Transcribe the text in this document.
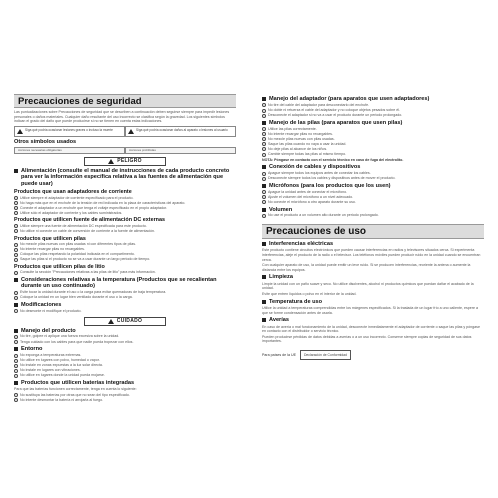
Precauciones de seguridad
Las puntualizaciones sobre Precauciones de seguridad que se describen a continuación deben seguirse siempre para impedir lesiones personales o daños materiales. Cualquier daño resultante del uso incorrecto se clasifica según la gravedad. Los siguientes símbolos indican el grado del daño que puede producirse si no se tienen en cuenta estas indicaciones.
Siga qué podría ocasionar lesiones graves o incluso la muerte	Siga qué podría ocasionar daños al aparato o lesiones al usuario
Otros símbolos usados
Acciones necesarias obligatorias	Acciones prohibidas
PELIGRO
Alimentación (consulte el manual de instrucciones de cada producto concreto para ver la información específica relativa a las fuentes de alimentación que puede usar)
Productos que usan adaptadores de corriente
Utilice siempre el adaptador de corriente especificado para el producto.
No haga más que en el enchufe de la tensión de red indicada en la placa de características del aparato.
Conecte el adaptador a un enchufe que tenga el voltaje especificado en el propio adaptador.
Utilice sólo el adaptador de corriente y los cables suministrados.
Productos que utilicen fuente de alimentación DC externas
Utilice siempre una fuente de alimentación DC especificada para este producto.
No utilice ni conecte un cable de conversión de corriente a la fuente de alimentación.
Productos que utilicen pilas
No mezcle pilas nuevas con pilas usadas ni con diferentes tipos de pilas.
No intente recargar pilas no recargables.
Coloque las pilas respetando la polaridad indicada en el compartimento.
Saque las pilas si el producto no se va a usar durante un largo periodo de tiempo.
Productos que utilicen pilas de litio
Consulte la sección "Precauciones relativas a las pilas de litio" para más información.
Consideraciones relativas a la temperatura (Productos que se recalientan durante un uso continuado)
Evite tocar la unidad durante el uso o la carga para evitar quemaduras de baja temperatura.
Coloque la unidad en un lugar bien ventilado durante el uso o la carga.
Modificaciones
No desmonte ni modifique el producto.
CUIDADO
Manejo del producto
No tire, golpee ni aplique una fuerza excesiva sobre la unidad.
Tenga cuidado con los cables para que nadie pueda tropezar con ellos.
Entorno
No exponga a temperaturas extremas.
No utilice en lugares con polvo, humedad o vapor.
No instale en zonas expuestas a la luz solar directa.
No instale en lugares con vibraciones.
No utilice en lugares donde la unidad pueda mojarse.
Productos que utilicen baterías integradas
Para que las baterías funcionen correctamente, tenga en cuenta lo siguiente:
No sustituya las baterías por otras que no sean del tipo especificado.
No intente desmontar la batería ni arrojarla al fuego.
Manejo del adaptador (para aparatos que usen adaptadores)
No tire del cable del adaptador para desconectarlo del enchufe.
No doble ni retuerza el cable del adaptador y no coloque objetos pesados sobre él.
Desconecte el adaptador si no va a usar el producto durante un periodo prolongado.
Manejo de las pilas (para aparatos que usen pilas)
Utilice las pilas correctamente.
No intente recargar pilas no recargables.
No mezcle pilas nuevas con pilas usadas.
Saque las pilas cuando no vaya a usar la unidad.
No deje pilas al alcance de los niños.
Cambie siempre todas las pilas al mismo tiempo.
NOTA: Póngase en contacto con el servicio técnico en caso de fuga del electrolito.
Conexión de cables y dispositivos
Apague siempre todos los equipos antes de conectar los cables.
Desconecte siempre todos los cables y dispositivos antes de mover el producto.
Micrófonos (para los productos que los usen)
Apague la unidad antes de conectar el micrófono.
Ajuste el volumen del micrófono a un nivel adecuado.
No conecte el micrófono a otro aparato durante su uso.
Volumen
No use el producto a un volumen alto durante un periodo prolongado.
Precauciones de uso
Interferencias eléctricas
Este producto contiene circuitos electrónicos que pueden causar interferencias en radios y televisores situados cerca. Si experimenta interferencias, aleje el producto de la radio o el televisor. Los teléfonos móviles pueden producir ruido en la unidad cuando se encuentran cerca.
Con cualquier aparato de uso, la unidad puede emitir un leve ruido. Si se producen interferencias, reoriente la antena o aumente la distancia entre los equipos.
Limpieza
Limpie la unidad con un paño suave y seco. No utilice disolventes, alcohol ni productos químicos que puedan dañar el acabado de la unidad.
Evite que entren líquidos o polvo en el interior de la unidad.
Temperatura de uso
Utilice la unidad a temperaturas comprendidas entre los márgenes especificados. Si la traslada de un lugar frío a uno caliente, espere a que se forme condensación antes de usarla.
Averías
En caso de avería o mal funcionamiento de la unidad, desconecte inmediatamente el adaptador de corriente o saque las pilas y póngase en contacto con el distribuidor o servicio técnico.
Pueden producirse pérdidas de datos debidas a averías o a un uso incorrecto. Conserve siempre copias de seguridad de sus datos importantes.
Para países de la UE	Declaración de Conformidad
